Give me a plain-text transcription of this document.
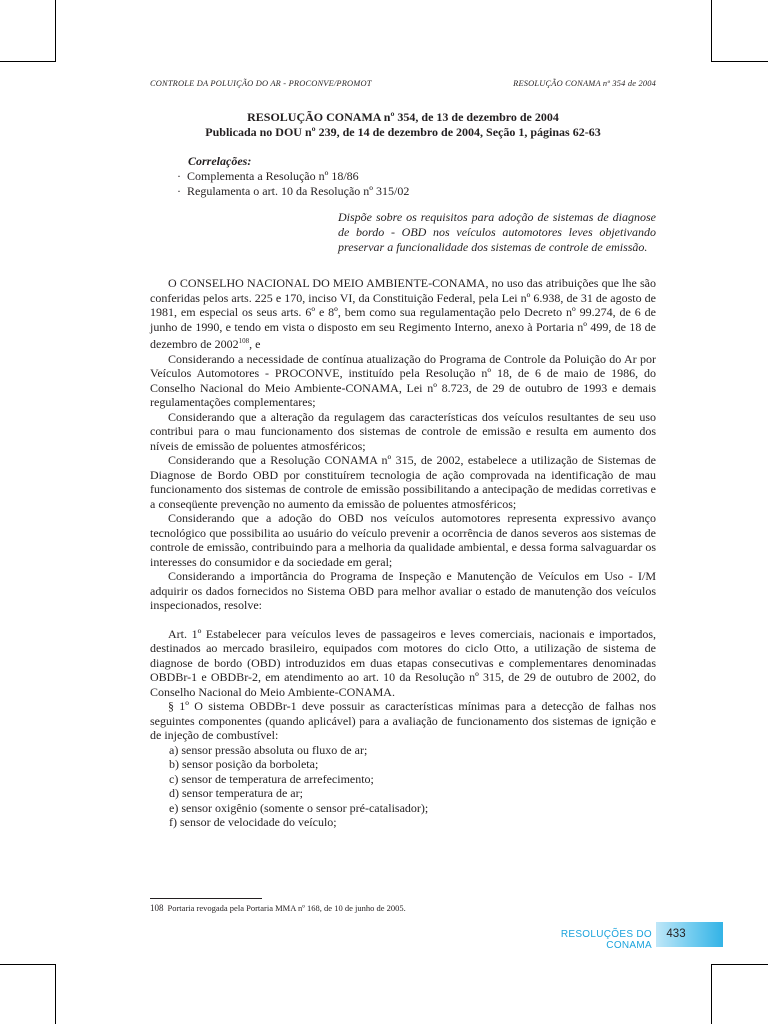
CONTROLE DA POLUIÇÃO DO AR - PROCONVE/PROMOT	RESOLUÇÃO CONAMA nº 354 de 2004
RESOLUÇÃO CONAMA nº 354, de 13 de dezembro de 2004
Publicada no DOU nº 239, de 14 de dezembro de 2004, Seção 1, páginas 62-63
Correlações:
· Complementa a Resolução nº 18/86
· Regulamenta o art. 10 da Resolução nº 315/02
Dispõe sobre os requisitos para adoção de sistemas de diagnose de bordo - OBD nos veículos automotores leves objetivando preservar a funcionalidade dos sistemas de controle de emissão.

O CONSELHO NACIONAL DO MEIO AMBIENTE-CONAMA, no uso das atribuições que lhe são conferidas pelos arts. 225 e 170, inciso VI, da Constituição Federal, pela Lei nº 6.938, de 31 de agosto de 1981, em especial os seus arts. 6º e 8º, bem como sua regulamentação pelo Decreto nº 99.274, de 6 de junho de 1990, e tendo em vista o disposto em seu Regimento Interno, anexo à Portaria nº 499, de 18 de dezembro de 2002$^{108}$, e

Considerando a necessidade de contínua atualização do Programa de Controle da Poluição do Ar por Veículos Automotores - PROCONVE, instituído pela Resolução nº 18, de 6 de maio de 1986, do Conselho Nacional do Meio Ambiente-CONAMA, Lei nº 8.723, de 29 de outubro de 1993 e demais regulamentações complementares;

Considerando que a alteração da regulagem das características dos veículos resultantes de seu uso contribui para o mau funcionamento dos sistemas de controle de emissão e resulta em aumento dos níveis de emissão de poluentes atmosféricos;

Considerando que a Resolução CONAMA nº 315, de 2002, estabelece a utilização de Sistemas de Diagnose de Bordo OBD por constituírem tecnologia de ação comprovada na identificação de mau funcionamento dos sistemas de controle de emissão possibilitando a antecipação de medidas corretivas e a conseqüente prevenção no aumento da emissão de poluentes atmosféricos;

Considerando que a adoção do OBD nos veículos automotores representa expressivo avanço tecnológico que possibilita ao usuário do veículo prevenir a ocorrência de danos severos aos sistemas de controle de emissão, contribuindo para a melhoria da qualidade ambiental, e dessa forma salvaguardar os interesses do consumidor e da sociedade em geral;

Considerando a importância do Programa de Inspeção e Manutenção de Veículos em Uso - I/M adquirir os dados fornecidos no Sistema OBD para melhor avaliar o estado de manutenção dos veículos inspecionados, resolve:

Art. 1º Estabelecer para veículos leves de passageiros e leves comerciais, nacionais e importados, destinados ao mercado brasileiro, equipados com motores do ciclo Otto, a utilização de sistema de diagnose de bordo (OBD) introduzidos em duas etapas consecutivas e complementares denominadas OBDBr-1 e OBDBr-2, em atendimento ao art. 10 da Resolução nº 315, de 29 de outubro de 2002, do Conselho Nacional do Meio Ambiente-CONAMA.

§ 1º O sistema OBDBr-1 deve possuir as características mínimas para a detecção de falhas nos seguintes componentes (quando aplicável) para a avaliação de funcionamento dos sistemas de ignição e de injeção de combustível:

a) sensor pressão absoluta ou fluxo de ar;

b) sensor posição da borboleta;

c) sensor de temperatura de arrefecimento;

d) sensor temperatura de ar;

e) sensor oxigênio (somente o sensor pré-catalisador);

f) sensor de velocidade do veículo;

108 Portaria revogada pela Portaria MMA nº 168, de 10 de junho de 2005.
RESOLUÇÕES DO CONAMA
433
